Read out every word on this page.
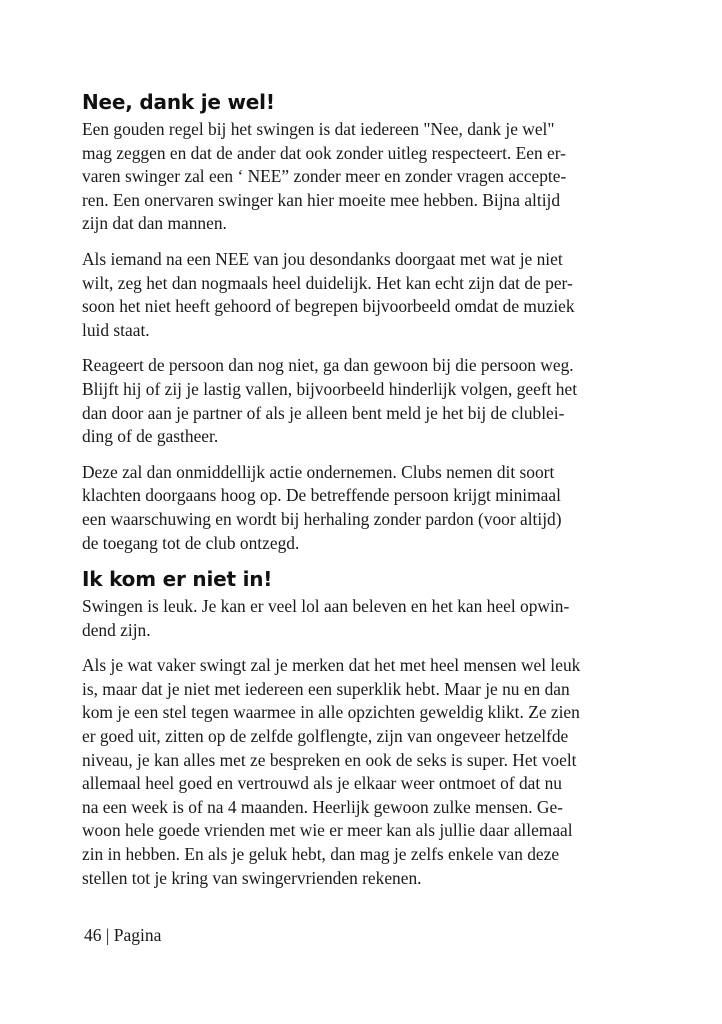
Nee, dank je wel!

Een gouden regel bij het swingen is dat iedereen "Nee, dank je wel"
mag zeggen en dat de ander dat ook zonder uitleg respecteert. Een er-
varen swinger zal een ‘ NEE” zonder meer en zonder vragen accepte-
ren. Een onervaren swinger kan hier moeite mee hebben. Bijna altijd
zijn dat dan mannen.

Als iemand na een NEE van jou desondanks doorgaat met wat je niet
wilt, zeg het dan nogmaals heel duidelijk. Het kan echt zijn dat de per-
soon het niet heeft gehoord of begrepen bijvoorbeeld omdat de muziek
luid staat.

Reageert de persoon dan nog niet, ga dan gewoon bij die persoon weg.
Blijft hij of zij je lastig vallen, bijvoorbeeld hinderlijk volgen, geeft het
dan door aan je partner of als je alleen bent meld je het bij de clublei-
ding of de gastheer.

Deze zal dan onmiddellijk actie ondernemen. Clubs nemen dit soort
klachten doorgaans hoog op. De betreffende persoon krijgt minimaal
een waarschuwing en wordt bij herhaling zonder pardon (voor altijd)
de toegang tot de club ontzegd.

Ik kom er niet in!

Swingen is leuk. Je kan er veel lol aan beleven en het kan heel opwin-
dend zijn.

Als je wat vaker swingt zal je merken dat het met heel mensen wel leuk
is, maar dat je niet met iedereen een superklik hebt. Maar je nu en dan
kom je een stel tegen waarmee in alle opzichten geweldig klikt. Ze zien
er goed uit, zitten op de zelfde golflengte, zijn van ongeveer hetzelfde
niveau, je kan alles met ze bespreken en ook de seks is super. Het voelt
allemaal heel goed en vertrouwd als je elkaar weer ontmoet of dat nu
na een week is of na 4 maanden. Heerlijk gewoon zulke mensen. Ge-
woon hele goede vrienden met wie er meer kan als jullie daar allemaal
zin in hebben. En als je geluk hebt, dan mag je zelfs enkele van deze
stellen tot je kring van swingervrienden rekenen.

46 | Pagina
